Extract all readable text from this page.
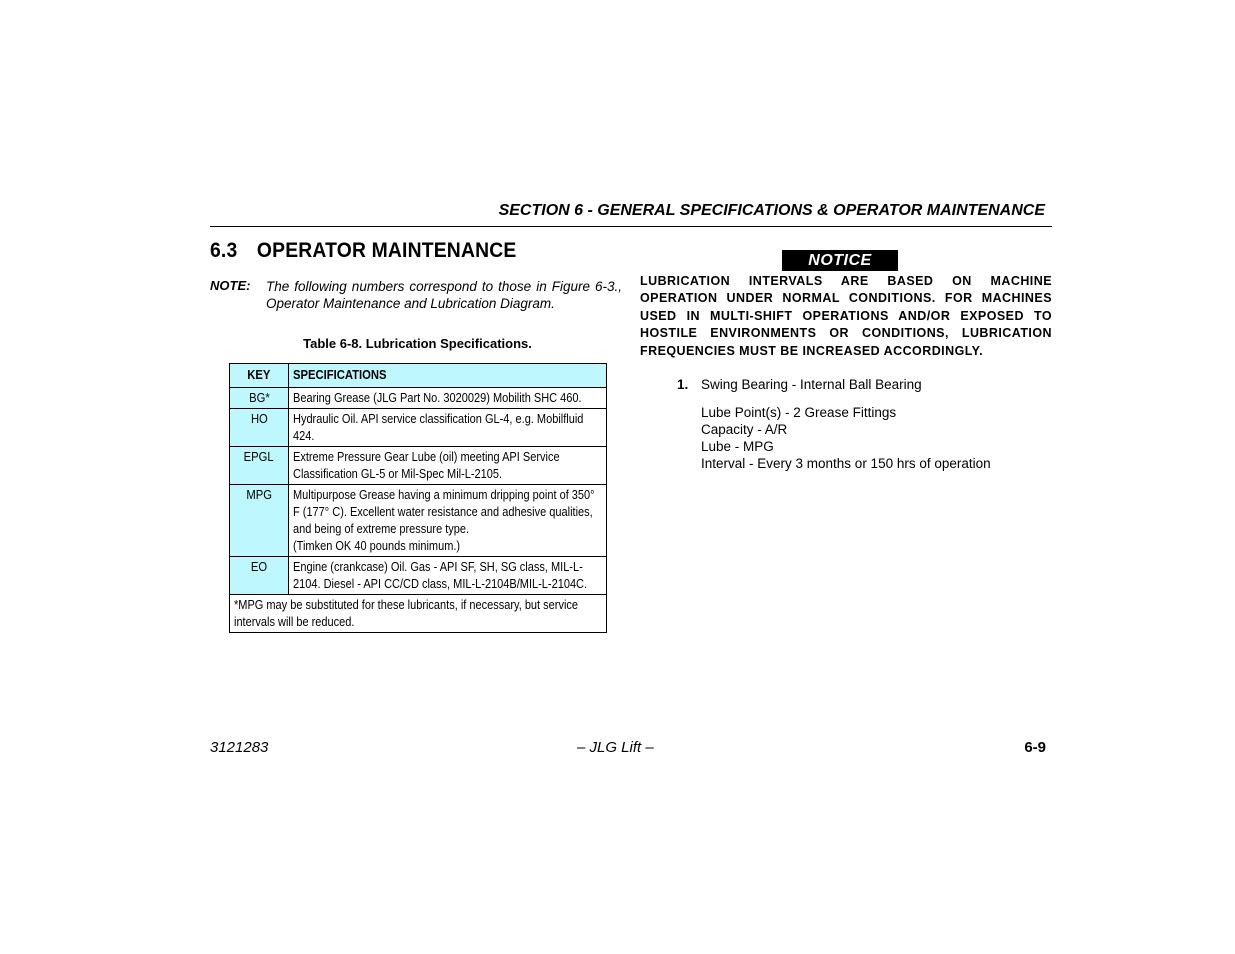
SECTION 6 - GENERAL SPECIFICATIONS & OPERATOR MAINTENANCE
6.3 OPERATOR MAINTENANCE
NOTE: The following numbers correspond to those in Figure 6-3., Operator Maintenance and Lubrication Diagram.
Table 6-8. Lubrication Specifications.
KEY	SPECIFICATIONS
BG*	Bearing Grease (JLG Part No. 3020029) Mobilith SHC 460.
HO	Hydraulic Oil. API service classification GL-4, e.g. Mobilfluid 424.
EPGL	Extreme Pressure Gear Lube (oil) meeting API Service Classification GL-5 or Mil-Spec Mil-L-2105.
MPG	Multipurpose Grease having a minimum dripping point of 350° F (177° C). Excellent water resistance and adhesive qualities, and being of extreme pressure type.
(Timken OK 40 pounds minimum.)
EO	Engine (crankcase) Oil. Gas - API SF, SH, SG class, MIL-L-2104. Diesel - API CC/CD class, MIL-L-2104B/MIL-L-2104C.
*MPG may be substituted for these lubricants, if necessary, but service intervals will be reduced.	
NOTICE
LUBRICATION INTERVALS ARE BASED ON MACHINE OPERATION UNDER NORMAL CONDITIONS. FOR MACHINES USED IN MULTI-SHIFT OPERATIONS AND/OR EXPOSED TO HOSTILE ENVIRONMENTS OR CONDITIONS, LUBRICATION FREQUENCIES MUST BE INCREASED ACCORDINGLY.
1. Swing Bearing - Internal Ball Bearing
Lube Point(s) - 2 Grease Fittings
Capacity - A/R
Lube - MPG
Interval - Every 3 months or 150 hrs of operation
3121283	– JLG Lift –	6-9
